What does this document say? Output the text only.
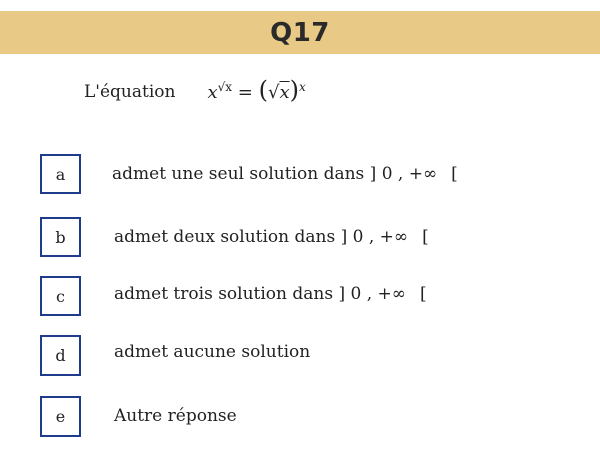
Q17
L'équation $x^{√x} = (√x)^x$
a	admet une seul solution dans ] 0 , +∞ [
b	admet deux solution dans ] 0 , +∞ [
c	admet trois solution dans ] 0 , +∞ [
d	admet aucune solution
e	Autre réponse
